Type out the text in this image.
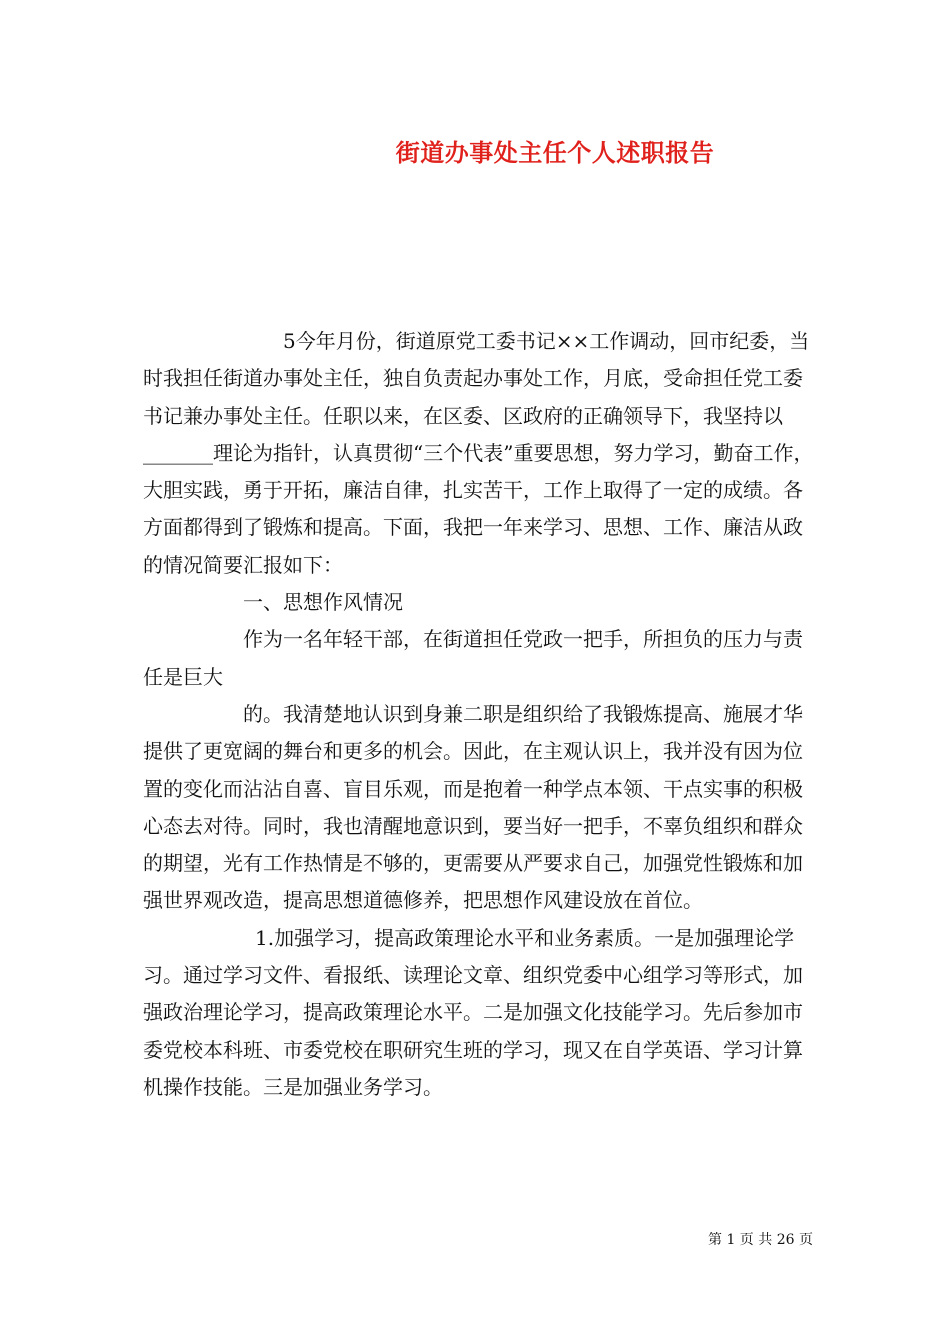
街道办事处主任个人述职报告

5今年月份，街道原党工委书记××工作调动，回市纪委，当时我担任街道办事处主任，独自负责起办事处工作，月底，受命担任党工委书记兼办事处主任。任职以来，在区委、区政府的正确领导下，我坚持以_______理论为指针，认真贯彻“三个代表”重要思想，努力学习，勤奋工作，大胆实践，勇于开拓，廉洁自律，扎实苦干，工作上取得了一定的成绩。各方面都得到了锻炼和提高。下面，我把一年来学习、思想、工作、廉洁从政的情况简要汇报如下：

一、思想作风情况

作为一名年轻干部，在街道担任党政一把手，所担负的压力与责任是巨大

的。我清楚地认识到身兼二职是组织给了我锻炼提高、施展才华提供了更宽阔的舞台和更多的机会。因此，在主观认识上，我并没有因为位置的变化而沾沾自喜、盲目乐观，而是抱着一种学点本领、干点实事的积极心态去对待。同时，我也清醒地意识到，要当好一把手，不辜负组织和群众的期望，光有工作热情是不够的，更需要从严要求自己，加强党性锻炼和加强世界观改造，提高思想道德修养，把思想作风建设放在首位。

1.加强学习，提高政策理论水平和业务素质。一是加强理论学习。通过学习文件、看报纸、读理论文章、组织党委中心组学习等形式，加强政治理论学习，提高政策理论水平。二是加强文化技能学习。先后参加市委党校本科班、市委党校在职研究生班的学习，现又在自学英语、学习计算机操作技能。三是加强业务学习。

第 1 页 共 26 页
